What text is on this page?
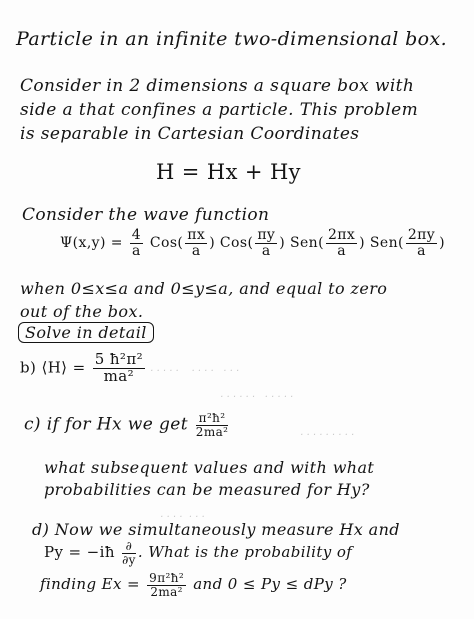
Particle in an infinite two-dimensional box.
Consider in 2 dimensions a square box with
side a that confines a particle. This problem
is separable in Cartesian Coordinates
H = Hx + Hy
Consider the wave function
$\Psi(x,y) = \frac{4}{a} Cos( \frac{\pi x}{a}$ ) $Cos( \frac{\pi y}{a}$ ) $Sen( \frac{2\pi x}{a}$ ) $Sen( \frac{2\pi y}{a}$ )
when 0≤x≤a and 0≤y≤a, and equal to zero
out of the box.
Solve in detail
· · · · ·    · · · ·   · · ·
· · · · · ·   · · · · ·
· · · · · · · · ·
· · · ·  · · ·
b) ⟨H⟩ = $\frac{\text{5 ħ²π²}}{\text{ma²}}$
c) if for Hx we get $\frac{\text{π²ħ²}}{\text{2ma²}}$
what subsequent values and with what
probabilities can be measured for Hy?
d) Now we simultaneously measure Hx and
Py = −iħ $\frac{\partial}{\partial y}$ . What is the probability of
finding $Ex = \frac{\text{9π²ħ²}}{\text{2ma²}}$ and 0 ≤ Py ≤ dPy ?
